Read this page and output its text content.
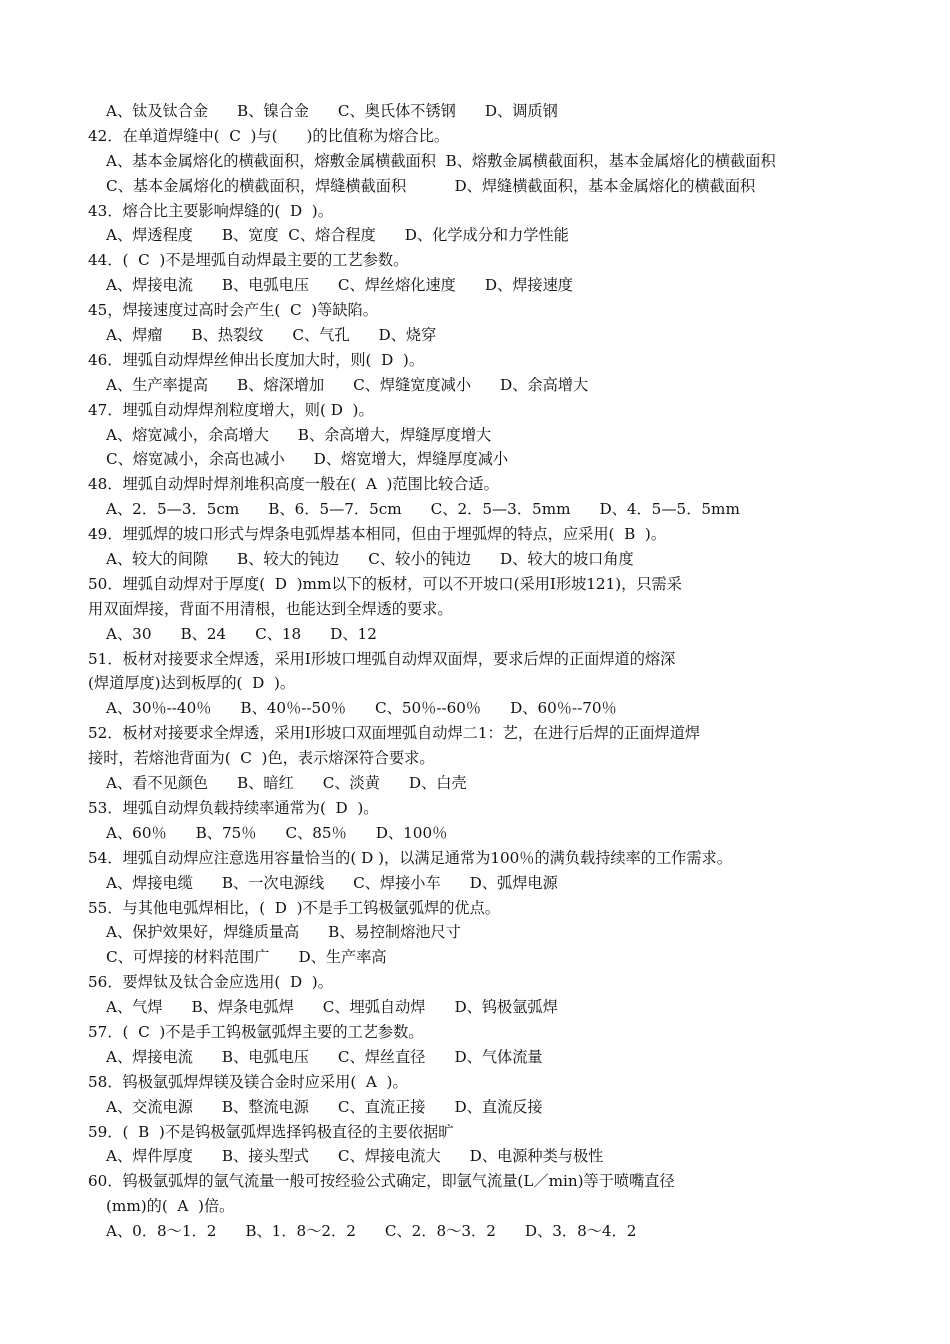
A、钛及钛合金      B、镍合金      C、奥氏体不锈钢      D、调质钢
42．在单道焊缝中(  C  )与(      )的比值称为熔合比。
A、基本金属熔化的横截面积，熔敷金属横截面积  B、熔敷金属横截面积，基本金属熔化的横截面积
C、基本金属熔化的横截面积，焊缝横截面积          D、焊缝横截面积，基本金属熔化的横截面积
43．熔合比主要影响焊缝的(  D  )。
A、焊透程度      B、宽度  C、熔合程度      D、化学成分和力学性能
44．(  C  )不是埋弧自动焊最主要的工艺参数。
A、焊接电流      B、电弧电压      C、焊丝熔化速度      D、焊接速度
45，焊接速度过高时会产生(  C  )等缺陷。
A、焊瘤      B、热裂纹      C、气孔      D、烧穿
46．埋弧自动焊焊丝伸出长度加大时，则(  D  )。
A、生产率提高      B、熔深增加      C、焊缝宽度减小      D、余高增大
47．埋弧自动焊焊剂粒度增大，则( D  )。
A、熔宽减小，余高增大      B、余高增大，焊缝厚度增大
C、熔宽减小，余高也减小      D、熔宽增大，焊缝厚度减小
48．埋弧自动焊时焊剂堆积高度一般在(  A  )范围比较合适。
A、2．5—3．5cm      B、6．5—7．5cm      C、2．5—3．5mm      D、4．5—5．5mm
49．埋弧焊的坡口形式与焊条电弧焊基本相同，但由于埋弧焊的特点，应采用(  B  )。
A、较大的间隙      B、较大的钝边      C、较小的钝边      D、较大的坡口角度
50．埋弧自动焊对于厚度(  D  )mm以下的板材，可以不开坡口(采用I形坡121)，只需采
用双面焊接，背面不用清根，也能达到全焊透的要求。
A、30      B、24      C、18      D、12
51．板材对接要求全焊透，采用I形坡口埋弧自动焊双面焊，要求后焊的正面焊道的熔深
(焊道厚度)达到板厚的(  D  )。
A、30％--40％      B、40％--50％      C、50％--60％      D、60％--70％
52．板材对接要求全焊透，采用I形坡口双面埋弧自动焊二1：艺，在进行后焊的正面焊道焊
接时，若熔池背面为(  C  )色，表示熔深符合要求。
A、看不见颜色      B、暗红      C、淡黄      D、白壳
53．埋弧自动焊负载持续率通常为(  D  )。
A、60％      B、75％      C、85％      D、100％
54．埋弧自动焊应注意选用容量恰当的( D )，以满足通常为100％的满负载持续率的工作需求。
A、焊接电缆      B、一次电源线      C、焊接小车      D、弧焊电源
55．与其他电弧焊相比，(  D  )不是手工钨极氩弧焊的优点。
A、保护效果好，焊缝质量高      B、易控制熔池尺寸
C、可焊接的材料范围广      D、生产率高
56．要焊钛及钛合金应选用(  D  )。
A、气焊      B、焊条电弧焊      C、埋弧自动焊      D、钨极氩弧焊
57．(  C  )不是手工钨极氩弧焊主要的工艺参数。
A、焊接电流      B、电弧电压      C、焊丝直径      D、气体流量
58．钨极氩弧焊焊镁及镁合金时应采用(  A  )。
A、交流电源      B、整流电源      C、直流正接      D、直流反接
59．(  B  )不是钨极氩弧焊选择钨极直径的主要依据旷
A、焊件厚度      B、接头型式      C、焊接电流大      D、电源种类与极性
60．钨极氩弧焊的氩气流量一般可按经验公式确定，即氩气流量(L／min)等于喷嘴直径
(mm)的(  A  )倍。
A、0．8～1．2      B、1．8～2．2      C、2．8～3．2      D、3．8～4．2
